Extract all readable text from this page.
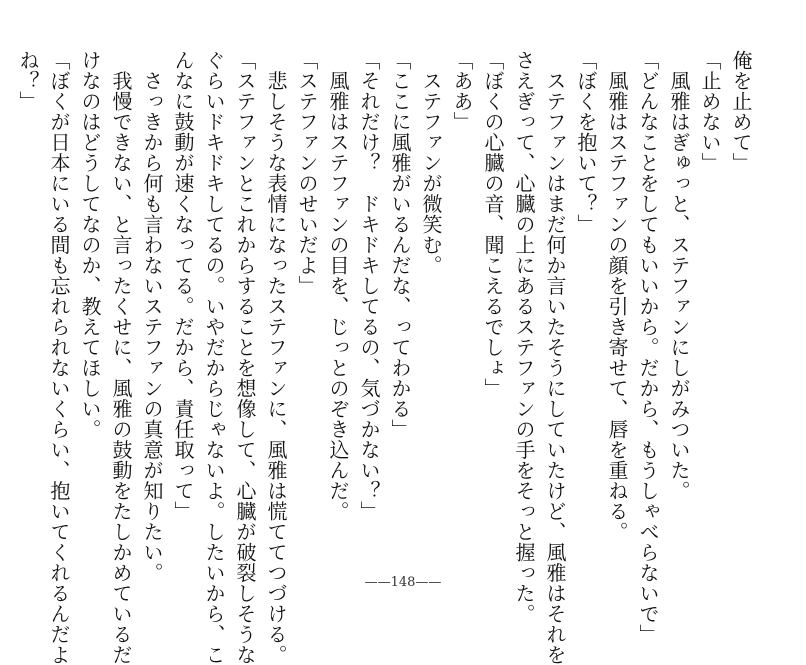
俺を止めて」
「止めない」
　風雅はぎゅっと、ステファンにしがみついた。
「どんなことをしてもいいから。だから、もうしゃべらないで」
　風雅はステファンの顔を引き寄せて、唇を重ねる。
「ぼくを抱いて？」
　ステファンはまだ何か言いたそうにしていたけど、風雅はそれを
さえぎって、心臓の上にあるステファンの手をそっと握った。
「ぼくの心臓の音、聞こえるでしょ」
「ああ」
　ステファンが微笑む。
「ここに風雅がいるんだな、ってわかる」
「それだけ？　ドキドキしてるの、気づかない？」
　風雅はステファンの目を、じっとのぞき込んだ。
「ステファンのせいだよ」
　悲しそうな表情になったステファンに、風雅は慌ててつづける。
「ステファンとこれからすることを想像して、心臓が破裂しそうな
ぐらいドキドキしてるの。いやだからじゃないよ。したいから、こ
んなに鼓動が速くなってる。だから、責任取って」
　さっきから何も言わないステファンの真意が知りたい。
　我慢できない、と言ったくせに、風雅の鼓動をたしかめているだ
けなのはどうしてなのか、教えてほしい。
「ぼくが日本にいる間も忘れられないくらい、抱いてくれるんだよ
ね？」
——148——
